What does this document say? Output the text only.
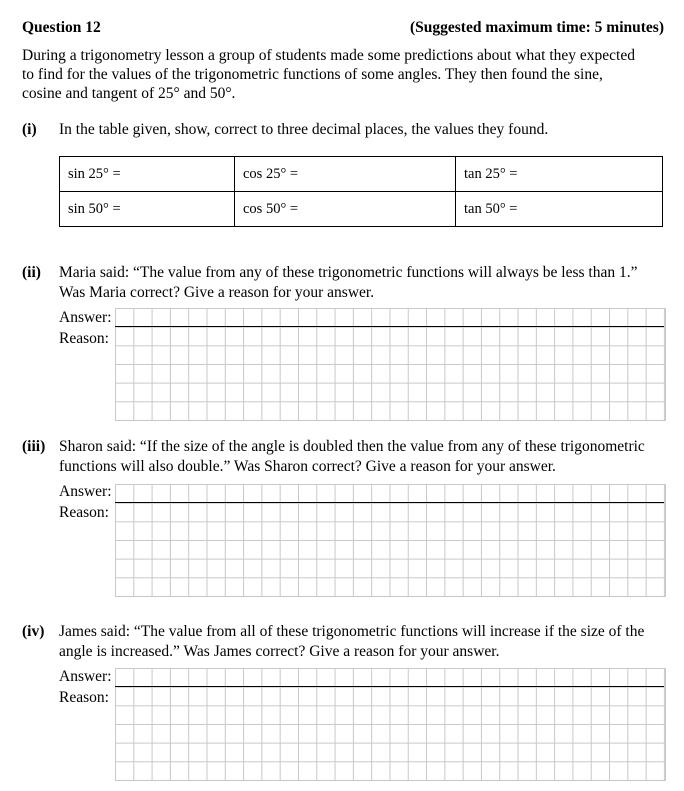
Question 12	(Suggested maximum time: 5 minutes)
During a trigonometry lesson a group of students made some predictions about what they expected
to find for the values of the trigonometric functions of some angles. They then found the sine,
cosine and tangent of 25° and 50°.
(i) In the table given, show, correct to three decimal places, the values they found.
sin 25° =	cos 25° =	tan 25° =
sin 50° =	cos 50° =	tan 50° =
(ii) Maria said: “The value from any of these trigonometric functions will always be less than 1.”
Was Maria correct? Give a reason for your answer.
Answer:
Reason:
(iii) Sharon said: “If the size of the angle is doubled then the value from any of these trigonometric
functions will also double.” Was Sharon correct? Give a reason for your answer.
Answer:
Reason:
(iv) James said: “The value from all of these trigonometric functions will increase if the size of the
angle is increased.” Was James correct? Give a reason for your answer.
Answer:
Reason:
